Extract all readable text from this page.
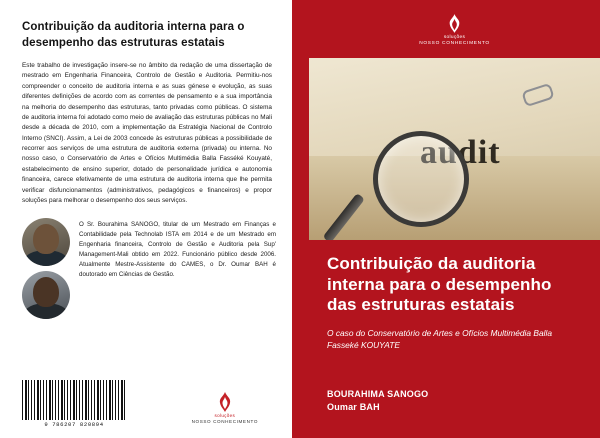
Contribuição da auditoria interna para o desempenho das estruturas estatais
Este trabalho de investigação insere-se no âmbito da redação de uma dissertação de mestrado em Engenharia Financeira, Controlo de Gestão e Auditoria. Permitiu-nos compreender o conceito de auditoria interna e as suas génese e evolução, as suas diferentes definições de acordo com as correntes de pensamento e a sua importância na melhoria do desempenho das estruturas, tanto privadas como públicas. O sistema de auditoria interna foi adotado como meio de avaliação das estruturas públicas no Mali desde a década de 2010, com a implementação da Estratégia Nacional de Controlo Interno (SNCI). Assim, a Lei de 2003 concede às estruturas públicas a possibilidade de recorrer aos serviços de uma estrutura de auditoria externa (privada) ou interna. No nosso caso, o Conservatório de Artes e Ofícios Multimédia Balla Fasséké Kouyaté, estabelecimento de ensino superior, dotado de personalidade jurídica e autonomia financeira, carece efetivamente de uma estrutura de auditoria interna que lhe permita verificar disfuncionamentos (administrativos, pedagógicos e financeiros) e propor soluções para melhorar o desempenho dos seus serviços.
O Sr. Bourahima SANOGO, titular de um Mestrado em Finanças e Contabilidade pela Technolab ISTA em 2014 e de um Mestrado em Engenharia financeira, Controlo de Gestão e Auditoria pela Sup' Management-Mali obtido em 2022. Funcionário público desde 2006. Atualmente Mestre-Assistente do CAMES, o Dr. Oumar BAH é doutorado em Ciências de Gestão.
9 786207 820894
soluções
NOSSO CONHECIMENTO
soluções
NOSSO CONHECIMENTO
audit
Contribuição da auditoria interna para o desempenho das estruturas estatais
O caso do Conservatório de Artes e Ofícios Multimédia Balla Fasseké KOUYATE
BOURAHIMA SANOGO
Oumar BAH
